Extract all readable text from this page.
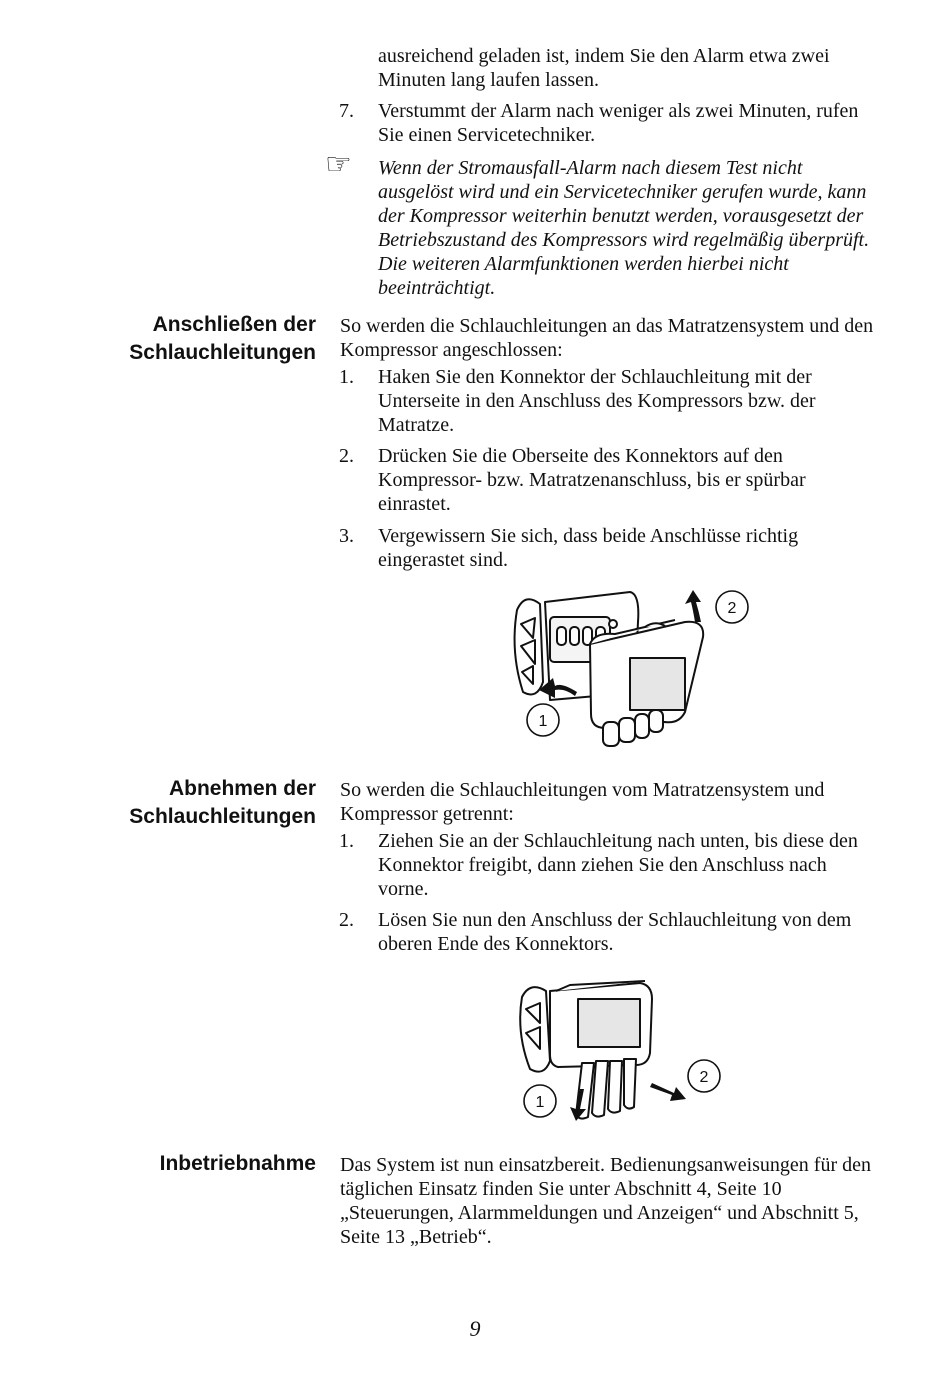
ausreichend geladen ist, indem Sie den Alarm etwa zwei Minuten lang laufen lassen.
7. Verstummt der Alarm nach weniger als zwei Minuten, rufen Sie einen Servicetechniker.
☞ Wenn der Stromausfall-Alarm nach diesem Test nicht ausgelöst wird und ein Servicetechniker gerufen wurde, kann der Kompressor weiterhin benutzt werden, vorausgesetzt der Betriebszustand des Kompressors wird regelmäßig überprüft. Die weiteren Alarmfunktionen werden hierbei nicht beeinträchtigt.
Anschließen der
Schlauchleitungen
So werden die Schlauchleitungen an das Matratzensystem und den Kompressor angeschlossen:
1. Haken Sie den Konnektor der Schlauchleitung mit der Unterseite in den Anschluss des Kompressors bzw. der Matratze.
2. Drücken Sie die Oberseite des Konnektors auf den Kompressor- bzw. Matratzenanschluss, bis er spürbar einrastet.
3. Vergewissern Sie sich, dass beide Anschlüsse richtig eingerastet sind.
1
2
Abnehmen der
Schlauchleitungen
So werden die Schlauchleitungen vom Matratzensystem und Kompressor getrennt:
1. Ziehen Sie an der Schlauchleitung nach unten, bis diese den Konnektor freigibt, dann ziehen Sie den Anschluss nach vorne.
2. Lösen Sie nun den Anschluss der Schlauchleitung von dem oberen Ende des Konnektors.
1
2
Inbetriebnahme Das System ist nun einsatzbereit. Bedienungsanweisungen für den täglichen Einsatz finden Sie unter Abschnitt 4, Seite 10 „Steuerungen, Alarmmeldungen und Anzeigen“ und Abschnitt 5, Seite 13 „Betrieb“.
9
